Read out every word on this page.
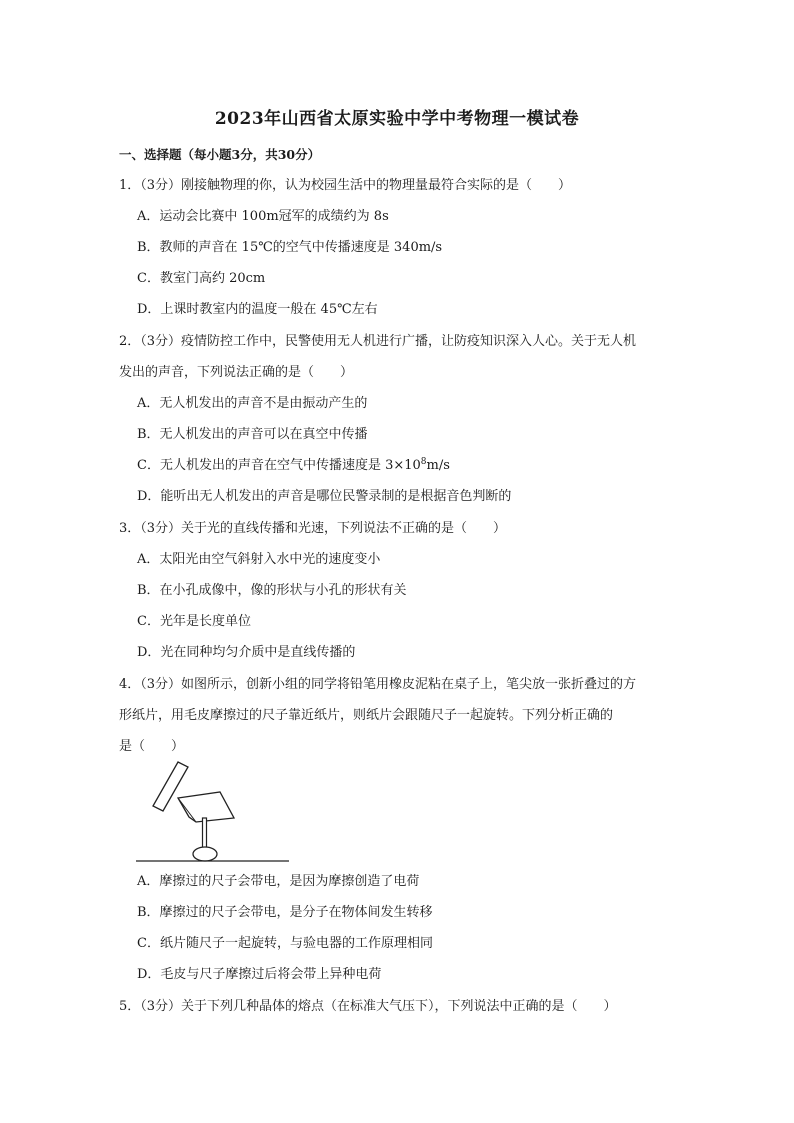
2023年山西省太原实验中学中考物理一模试卷
一、选择题（每小题3分，共30分）
1．（3分）刚接触物理的你，认为校园生活中的物理量最符合实际的是（　　）
A．运动会比赛中 100m冠军的成绩约为 8s
B．教师的声音在 15℃的空气中传播速度是 340m/s
C．教室门高约 20cm
D．上课时教室内的温度一般在 45℃左右
2．（3分）疫情防控工作中，民警使用无人机进行广播，让防疫知识深入人心。关于无人机
发出的声音，下列说法正确的是（　　）
A．无人机发出的声音不是由振动产生的
B．无人机发出的声音可以在真空中传播
C．无人机发出的声音在空气中传播速度是 $3\times 10^8m/s$
D．能听出无人机发出的声音是哪位民警录制的是根据音色判断的
3．（3分）关于光的直线传播和光速，下列说法不正确的是（　　）
A．太阳光由空气斜射入水中光的速度变小
B．在小孔成像中，像的形状与小孔的形状有关
C．光年是长度单位
D．光在同种均匀介质中是直线传播的
4．（3分）如图所示，创新小组的同学将铅笔用橡皮泥粘在桌子上，笔尖放一张折叠过的方
形纸片，用毛皮摩擦过的尺子靠近纸片，则纸片会跟随尺子一起旋转。下列分析正确的
是（　　）
A．摩擦过的尺子会带电，是因为摩擦创造了电荷
B．摩擦过的尺子会带电，是分子在物体间发生转移
C．纸片随尺子一起旋转，与验电器的工作原理相同
D．毛皮与尺子摩擦过后将会带上异种电荷
5．（3分）关于下列几种晶体的熔点（在标准大气压下），下列说法中正确的是（　　）
